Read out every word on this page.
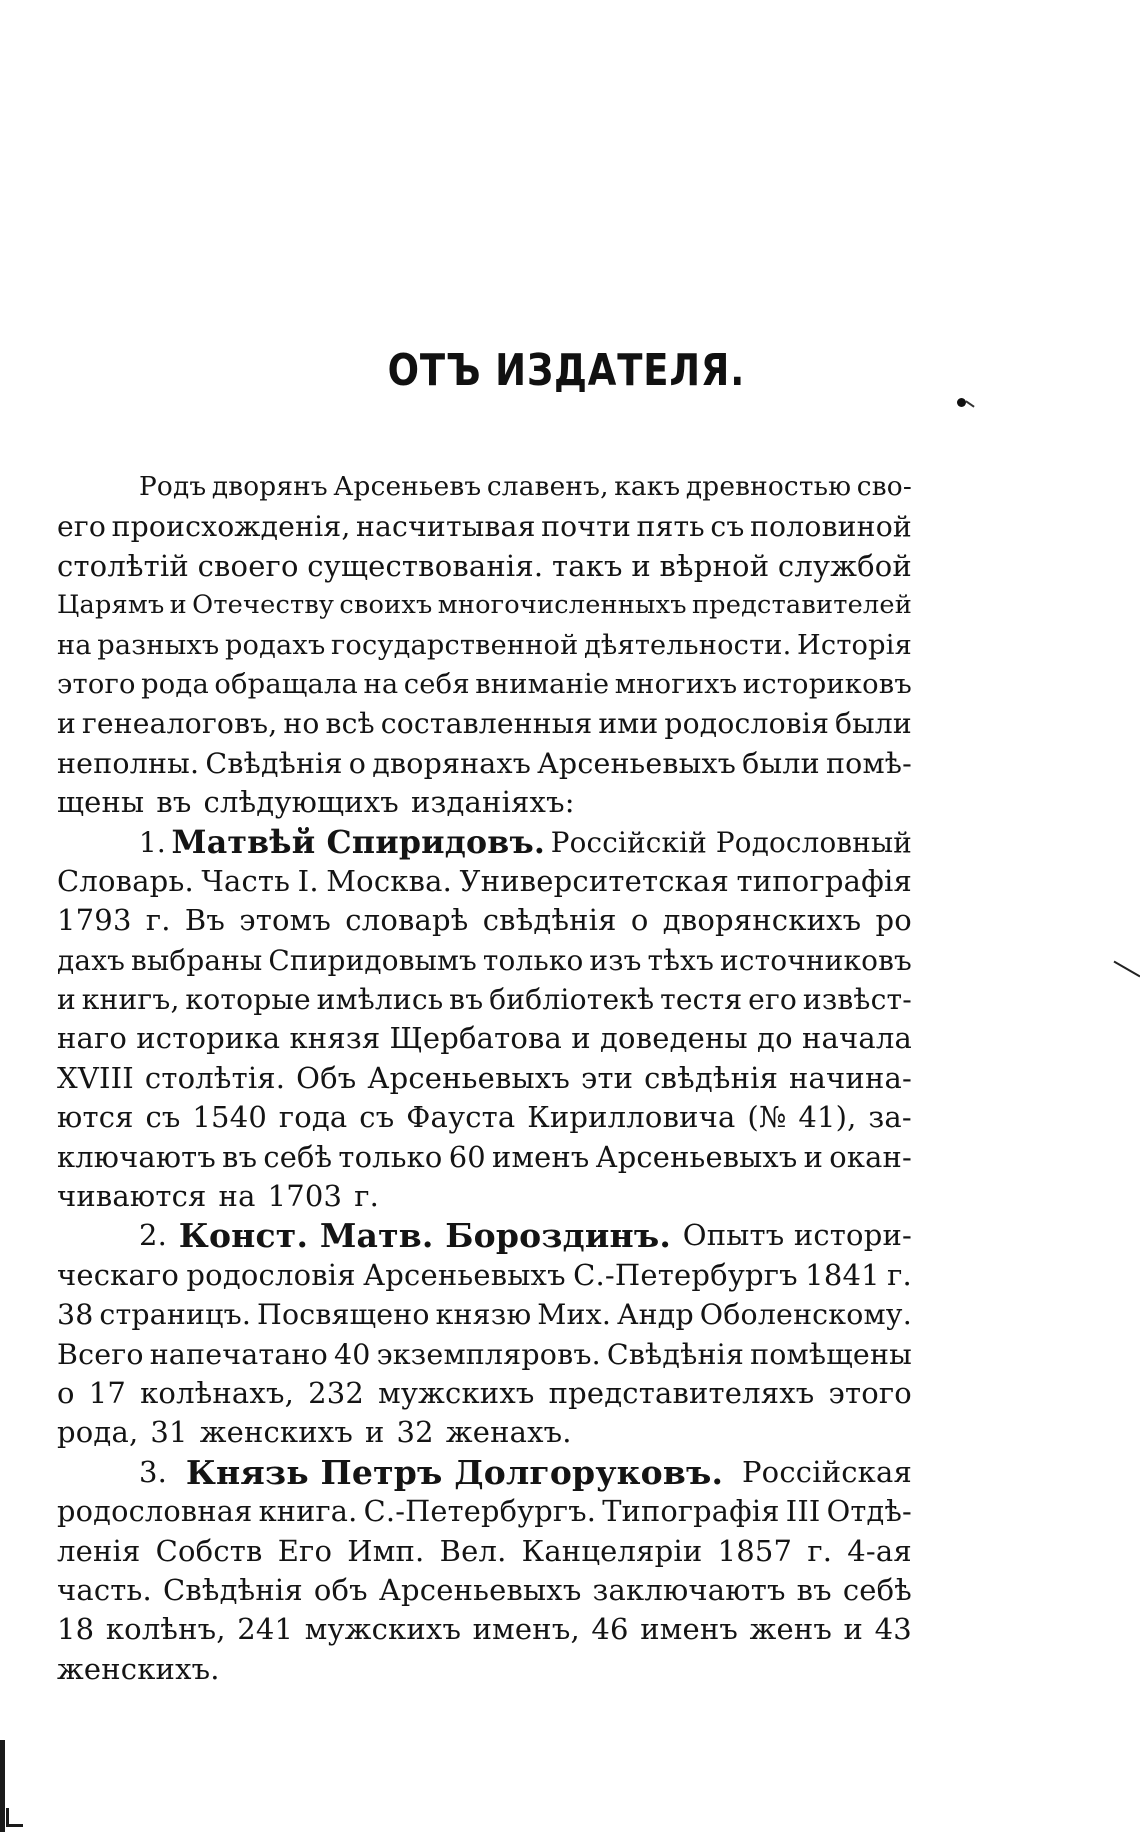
ОТЪ ИЗДАТЕЛЯ.
Родъ дворянъ Арсеньевъ славенъ, какъ древностью сво-
его происхожденія, насчитывая почти пять съ половиной
столѣтій своего существованія. такъ и вѣрной службой
Царямъ и Отечеству своихъ многочисленныхъ представителей
на разныхъ родахъ государственной дѣятельности. Исторія
этого рода обращала на себя вниманіе многихъ историковъ
и генеалоговъ, но всѣ составленныя ими родословія были
неполны. Свѣдѣнія о дворянахъ Арсеньевыхъ были помѣ-
щены въ слѣдующихъ изданіяхъ:
1. Матвѣй Спиридовъ. Россійскій Родословный
Словарь. Часть I. Москва. Университетская типографія
1793 г. Въ этомъ словарѣ свѣдѣнія о дворянскихъ ро
дахъ выбраны Спиридовымъ только изъ тѣхъ источниковъ
и книгъ, которые имѣлись въ библіотекѣ тестя его извѣст-
наго историка князя Щербатова и доведены до начала
XVIII столѣтія. Объ Арсеньевыхъ эти свѣдѣнія начина-
ются съ 1540 года съ Фауста Кирилловича (№ 41), за-
ключаютъ въ себѣ только 60 именъ Арсеньевыхъ и окан-
чиваются на 1703 г.
2. Конст. Матв. Бороздинъ. Опытъ истори-
ческаго родословія Арсеньевыхъ С.-Петербургъ 1841 г.
38 страницъ. Посвящено князю Мих. Андр Оболенскому.
Всего напечатано 40 экземпляровъ. Свѣдѣнія помѣщены
о 17 колѣнахъ, 232 мужскихъ представителяхъ этого
рода, 31 женскихъ и 32 женахъ.
3. Князь Петръ Долгоруковъ. Россійская
родословная книга. С.-Петербургъ. Типографія III Отдѣ-
ленія Собств Его Имп. Вел. Канцеляріи 1857 г. 4-ая
часть. Свѣдѣнія объ Арсеньевыхъ заключаютъ въ себѣ
18 колѣнъ, 241 мужскихъ именъ, 46 именъ женъ и 43
женскихъ.
